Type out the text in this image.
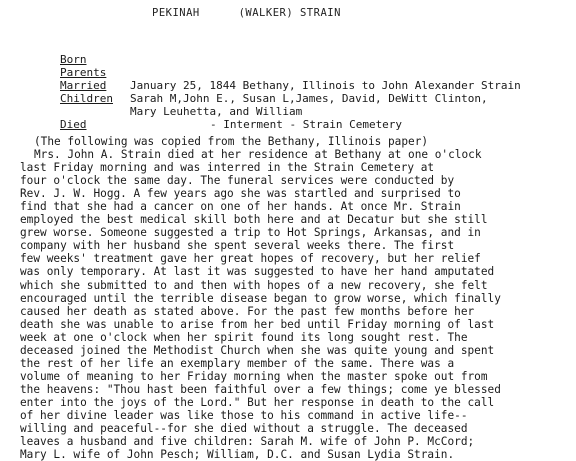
PEKINAH	(WALKER) STRAIN
Born
Parents
Married January 25, 1844 Bethany, Illinois to John Alexander Strain
Children Sarah M,John E., Susan L,James, David, DeWitt Clinton,
Mary Leuhetta, and William
Died	- Interment - Strain Cemetery
(The following was copied from the Bethany, Illinois paper)
Mrs. John A. Strain died at her residence at Bethany at one o'clock
last Friday morning and was interred in the Strain Cemetery at
four o'clock the same day. The funeral services were conducted by
Rev. J. W. Hogg. A few years ago she was startled and surprised to
find that she had a cancer on one of her hands. At once Mr. Strain
employed the best medical skill both here and at Decatur but she still
grew worse. Someone suggested a trip to Hot Springs, Arkansas, and in
company with her husband she spent several weeks there. The first
few weeks' treatment gave her great hopes of recovery, but her relief
was only temporary. At last it was suggested to have her hand amputated
which she submitted to and then with hopes of a new recovery, she felt
encouraged until the terrible disease began to grow worse, which finally
caused her death as stated above. For the past few months before her
death she was unable to arise from her bed until Friday morning of last
week at one o'clock when her spirit found its long sought rest. The
deceased joined the Methodist Church when she was quite young and spent
the rest of her life an exemplary member of the same. There was a
volume of meaning to her Friday morning when the master spoke out from
the heavens: "Thou hast been faithful over a few things; come ye blessed
enter into the joys of the Lord." But her response in death to the call
of her divine leader was like those to his command in active life--
willing and peaceful--for she died without a struggle. The deceased
leaves a husband and five children: Sarah M. wife of John P. McCord;
Mary L. wife of John Pesch; William, D.C. and Susan Lydia Strain.
